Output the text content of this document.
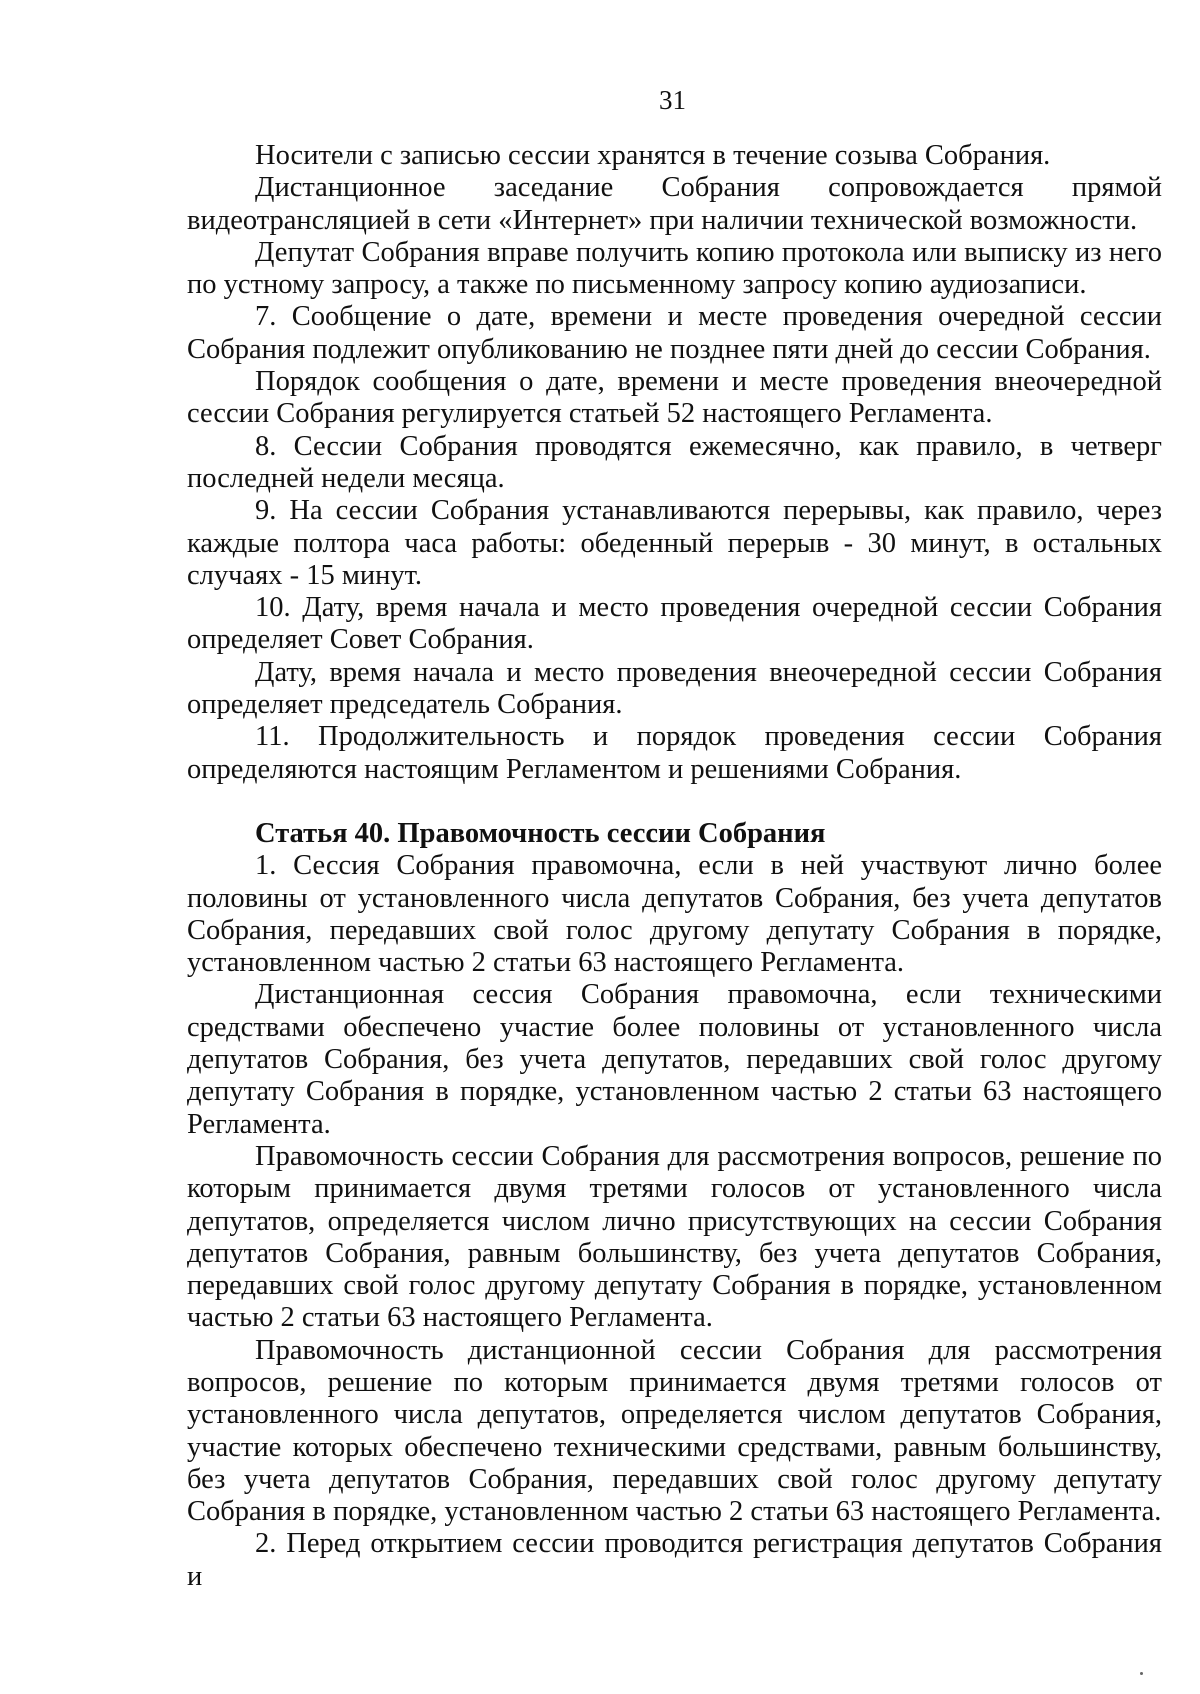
31

Носители с записью сессии хранятся в течение созыва Собрания.

Дистанционное заседание Собрания сопровождается прямой видеотрансляцией в сети «Интернет» при наличии технической возможности.

Депутат Собрания вправе получить копию протокола или выписку из него по устному запросу, а также по письменному запросу копию аудиозаписи.

7. Сообщение о дате, времени и месте проведения очередной сессии Собрания подлежит опубликованию не позднее пяти дней до сессии Собрания.

Порядок сообщения о дате, времени и месте проведения внеочередной сессии Собрания регулируется статьей 52 настоящего Регламента.

8. Сессии Собрания проводятся ежемесячно, как правило, в четверг последней недели месяца.

9. На сессии Собрания устанавливаются перерывы, как правило, через каждые полтора часа работы: обеденный перерыв - 30 минут, в остальных случаях - 15 минут.

10. Дату, время начала и место проведения очередной сессии Собрания определяет Совет Собрания.

Дату, время начала и место проведения внеочередной сессии Собрания определяет председатель Собрания.

11. Продолжительность и порядок проведения сессии Собрания определяются настоящим Регламентом и решениями Собрания.

Статья 40. Правомочность сессии Собрания

1. Сессия Собрания правомочна, если в ней участвуют лично более половины от установленного числа депутатов Собрания, без учета депутатов Собрания, передавших свой голос другому депутату Собрания в порядке, установленном частью 2 статьи 63 настоящего Регламента.

Дистанционная сессия Собрания правомочна, если техническими средствами обеспечено участие более половины от установленного числа депутатов Собрания, без учета депутатов, передавших свой голос другому депутату Собрания в порядке, установленном частью 2 статьи 63 настоящего Регламента.

Правомочность сессии Собрания для рассмотрения вопросов, решение по которым принимается двумя третями голосов от установленного числа депутатов, определяется числом лично присутствующих на сессии Собрания депутатов Собрания, равным большинству, без учета депутатов Собрания, передавших свой голос другому депутату Собрания в порядке, установленном частью 2 статьи 63 настоящего Регламента.

Правомочность дистанционной сессии Собрания для рассмотрения вопросов, решение по которым принимается двумя третями голосов от установленного числа депутатов, определяется числом депутатов Собрания, участие которых обеспечено техническими средствами, равным большинству, без учета депутатов Собрания, передавших свой голос другому депутату Собрания в порядке, установленном частью 2 статьи 63 настоящего Регламента.

2. Перед открытием сессии проводится регистрация депутатов Собрания и
